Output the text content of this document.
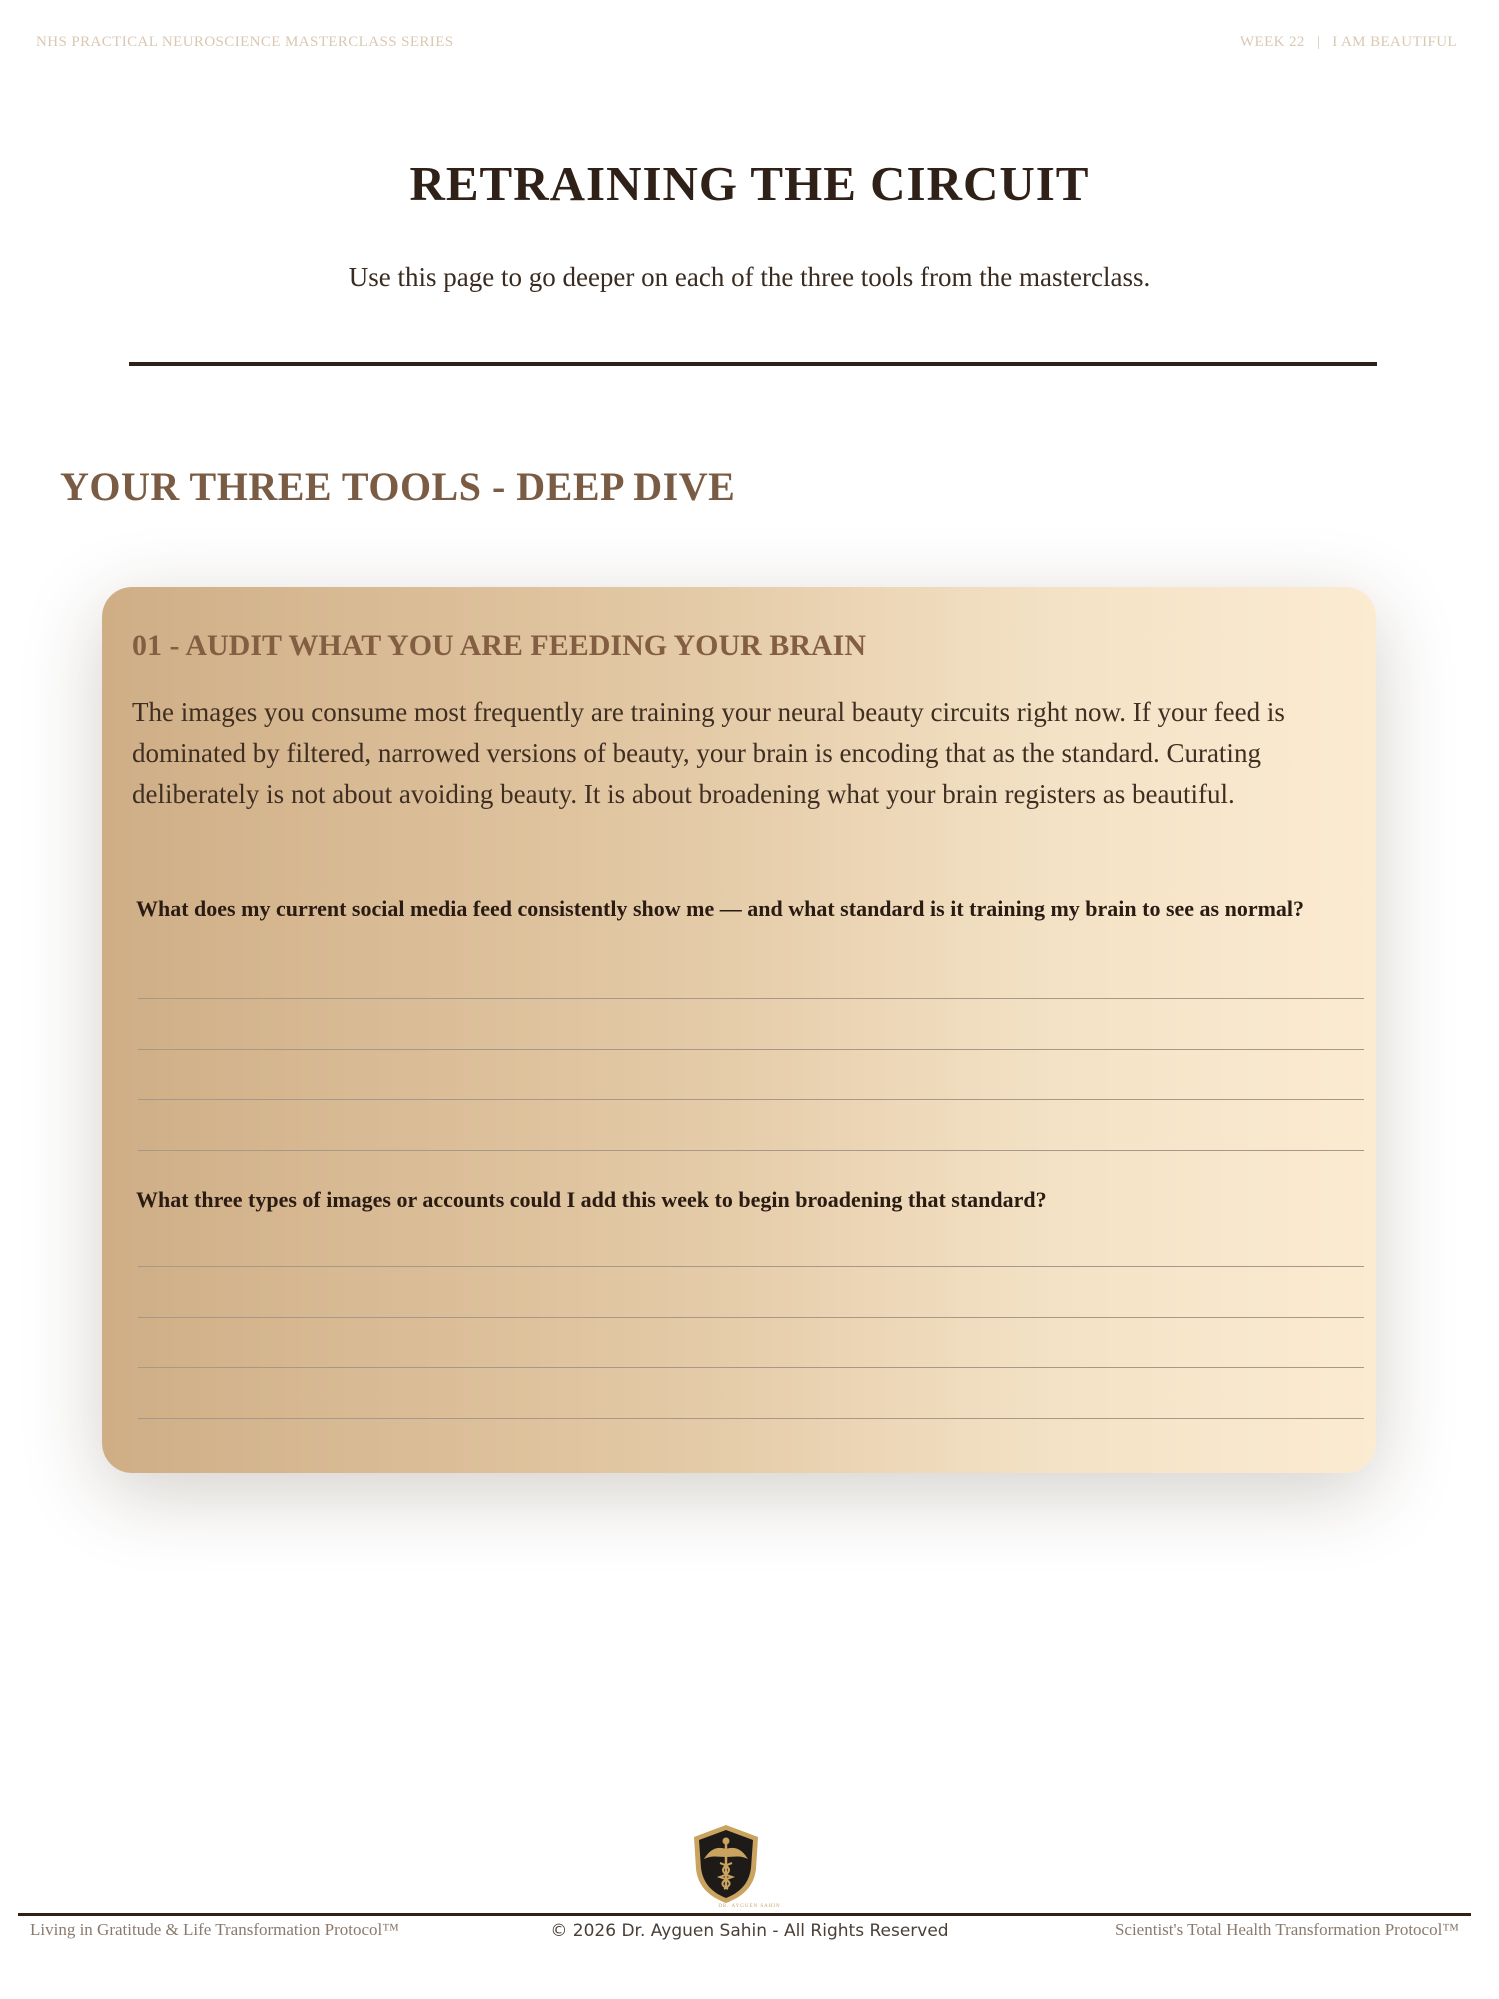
NHS PRACTICAL NEUROSCIENCE MASTERCLASS SERIES	WEEK 22 | I AM BEAUTIFUL
RETRAINING THE CIRCUIT

Use this page to go deeper on each of the three tools from the masterclass.

YOUR THREE TOOLS - DEEP DIVE
01 - AUDIT WHAT YOU ARE FEEDING YOUR BRAIN

The images you consume most frequently are training your neural beauty circuits right now. If your feed is dominated by filtered, narrowed versions of beauty, your brain is encoding that as the standard. Curating deliberately is not about avoiding beauty. It is about broadening what your brain registers as beautiful.

What does my current social media feed consistently show me — and what standard is it training my brain to see as normal?

What three types of images or accounts could I add this week to begin broadening that standard?

DR. AYGUEN SAHIN
Living in Gratitude & Life Transformation Protocol™	© 2026 Dr. Ayguen Sahin - All Rights Reserved	Scientist's Total Health Transformation Protocol™
